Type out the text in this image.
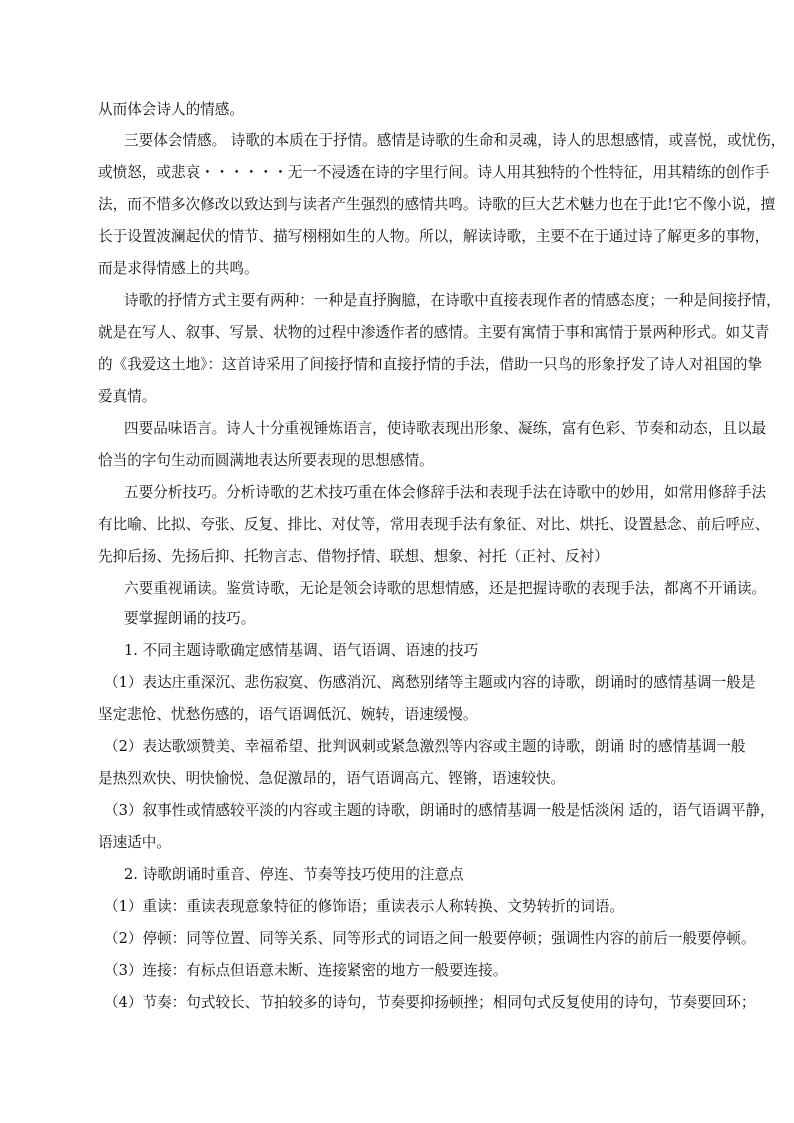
从而体会诗人的情感。
三要体会情感。 诗歌的本质在于抒情。感情是诗歌的生命和灵魂，诗人的思想感情，或喜悦，或忧伤，
或愤怒，或悲哀・・・・・・无一不浸透在诗的字里行间。诗人用其独特的个性特征，用其精练的创作手
法，而不惜多次修改以致达到与读者产生强烈的感情共鸣。诗歌的巨大艺术魅力也在于此!它不像小说，擅
长于设置波澜起伏的情节、描写栩栩如生的人物。所以，解读诗歌，主要不在于通过诗了解更多的事物，
而是求得情感上的共鸣。
诗歌的抒情方式主要有两种：一种是直抒胸臆，在诗歌中直接表现作者的情感态度；一种是间接抒情，
就是在写人、叙事、写景、状物的过程中渗透作者的感情。主要有寓情于事和寓情于景两种形式。如艾青
的《我爱这土地》：这首诗采用了间接抒情和直接抒情的手法，借助一只鸟的形象抒发了诗人对祖国的挚
爱真情。
四要品味语言。诗人十分重视锤炼语言，使诗歌表现出形象、凝练，富有色彩、节奏和动态，且以最
恰当的字句生动而圆满地表达所要表现的思想感情。
五要分析技巧。分析诗歌的艺术技巧重在体会修辞手法和表现手法在诗歌中的妙用，如常用修辞手法
有比喻、比拟、夸张、反复、排比、对仗等，常用表现手法有象征、对比、烘托、设置悬念、前后呼应、
先抑后扬、先扬后抑、托物言志、借物抒情、联想、想象、衬托（正衬、反衬）
六要重视诵读。鉴赏诗歌，无论是领会诗歌的思想情感，还是把握诗歌的表现手法，都离不开诵读。
要掌握朗诵的技巧。
1. 不同主题诗歌确定感情基调、语气语调、语速的技巧
（1）表达庄重深沉、悲伤寂寞、伤感消沉、离愁别绪等主题或内容的诗歌，朗诵时的感情基调一般是
坚定悲怆、忧愁伤感的，语气语调低沉、婉转，语速缓慢。
（2）表达歌颂赞美、幸福希望、批判讽刺或紧急激烈等内容或主题的诗歌，朗诵 时的感情基调一般
是热烈欢快、明快愉悦、急促激昂的，语气语调高亢、铿锵，语速较快。
（3）叙事性或情感较平淡的内容或主题的诗歌，朗诵时的感情基调一般是恬淡闲 适的，语气语调平静，
语速适中。
2. 诗歌朗诵时重音、停连、节奏等技巧使用的注意点
（1）重读：重读表现意象特征的修饰语；重读表示人称转换、文势转折的词语。
（2）停顿：同等位置、同等关系、同等形式的词语之间一般要停顿；强调性内容的前后一般要停顿。
（3）连接：有标点但语意未断、连接紧密的地方一般要连接。
（4）节奏：句式较长、节拍较多的诗句，节奏要抑扬顿挫；相同句式反复使用的诗句，节奏要回环；
